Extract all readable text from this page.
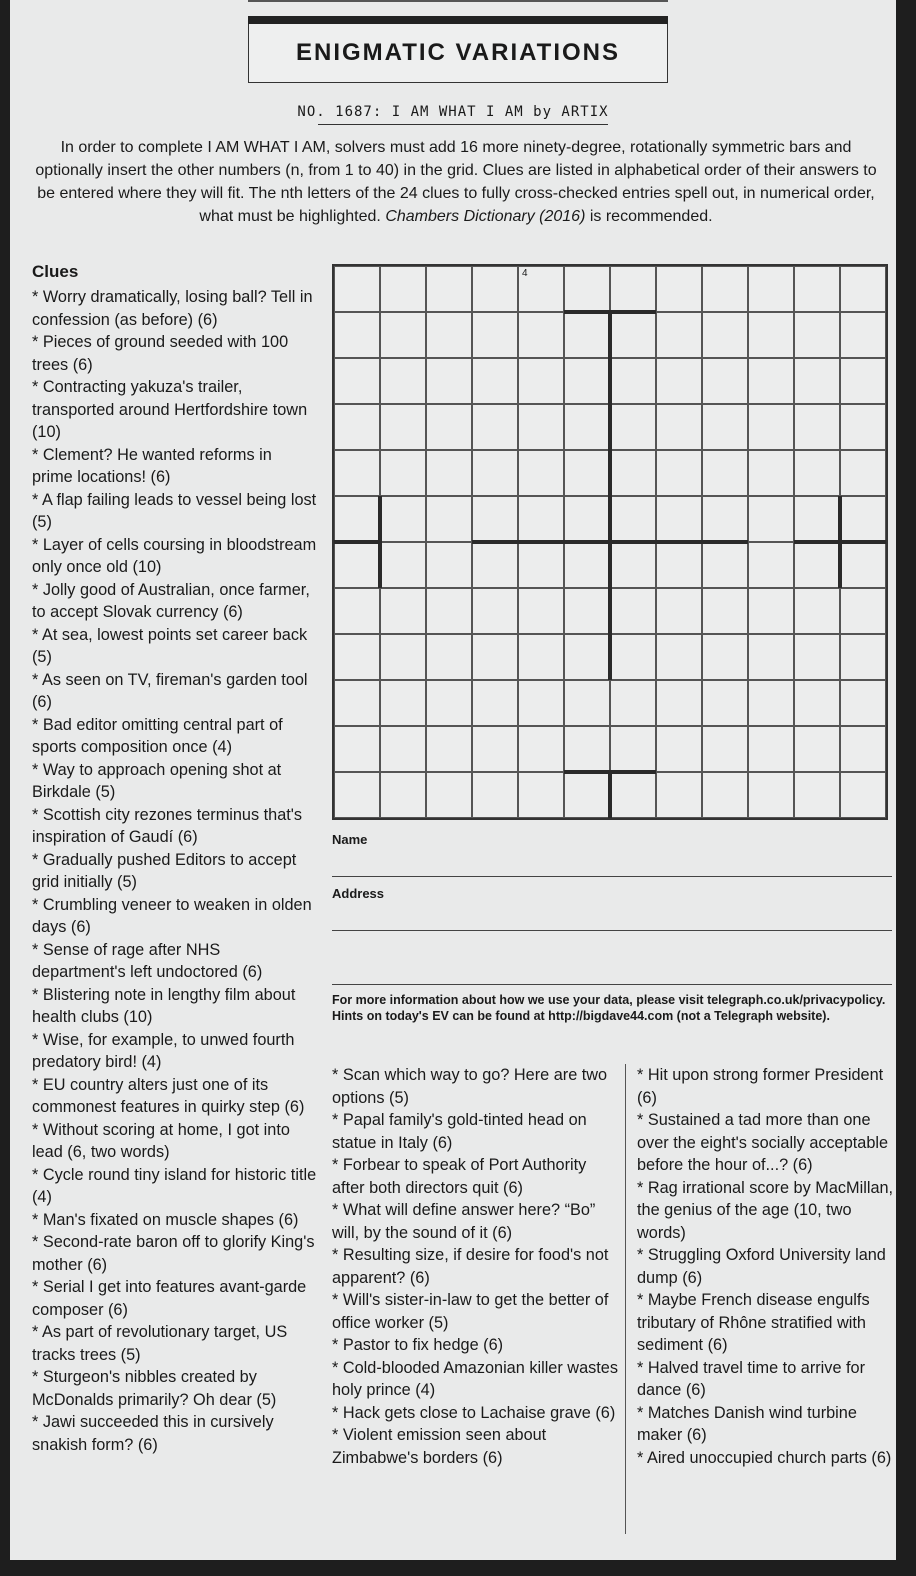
ENIGMATIC VARIATIONS
NO. 1687: I AM WHAT I AM by ARTIX
In order to complete I AM WHAT I AM, solvers must add 16 more ninety-degree, rotationally symmetric bars and optionally insert the other numbers (n, from 1 to 40) in the grid. Clues are listed in alphabetical order of their answers to be entered where they will fit. The nth letters of the 24 clues to fully cross-checked entries spell out, in numerical order, what must be highlighted. Chambers Dictionary (2016) is recommended.
Clues

* Worry dramatically, losing ball? Tell in confession (as before) (6)

* Pieces of ground seeded with 100 trees (6)

* Contracting yakuza's trailer, transported around Hertfordshire town (10)

* Clement? He wanted reforms in prime locations! (6)

* A flap failing leads to vessel being lost (5)

* Layer of cells coursing in bloodstream only once old (10)

* Jolly good of Australian, once farmer, to accept Slovak currency (6)

* At sea, lowest points set career back (5)

* As seen on TV, fireman's garden tool (6)

* Bad editor omitting central part of sports composition once (4)

* Way to approach opening shot at Birkdale (5)

* Scottish city rezones terminus that's inspiration of Gaudí (6)

* Gradually pushed Editors to accept grid initially (5)

* Crumbling veneer to weaken in olden days (6)

* Sense of rage after NHS department's left undoctored (6)

* Blistering note in lengthy film about health clubs (10)

* Wise, for example, to unwed fourth predatory bird! (4)

* EU country alters just one of its commonest features in quirky step (6)

* Without scoring at home, I got into lead (6, two words)

* Cycle round tiny island for historic title (4)

* Man's fixated on muscle shapes (6)

* Second-rate baron off to glorify King's mother (6)

* Serial I get into features avant-garde composer (6)

* As part of revolutionary target, US tracks trees (5)

* Sturgeon's nibbles created by McDonalds primarily? Oh dear (5)

* Jawi succeeded this in cursively snakish form? (6)

4
Name
Address
For more information about how we use your data, please visit telegraph.co.uk/privacypolicy.
Hints on today's EV can be found at http://bigdave44.com (not a Telegraph website).

* Scan which way to go? Here are two options (5)

* Papal family's gold-tinted head on statue in Italy (6)

* Forbear to speak of Port Authority after both directors quit (6)

* What will define answer here? “Bo” will, by the sound of it (6)

* Resulting size, if desire for food's not apparent? (6)

* Will's sister-in-law to get the better of office worker (5)

* Pastor to fix hedge (6)

* Cold-blooded Amazonian killer wastes holy prince (4)

* Hack gets close to Lachaise grave (6)

* Violent emission seen about Zimbabwe's borders (6)

* Hit upon strong former President (6)

* Sustained a tad more than one over the eight's socially acceptable before the hour of...? (6)

* Rag irrational score by MacMillan, the genius of the age (10, two words)

* Struggling Oxford University land dump (6)

* Maybe French disease engulfs tributary of Rhône stratified with sediment (6)

* Halved travel time to arrive for dance (6)

* Matches Danish wind turbine maker (6)

* Aired unoccupied church parts (6)
